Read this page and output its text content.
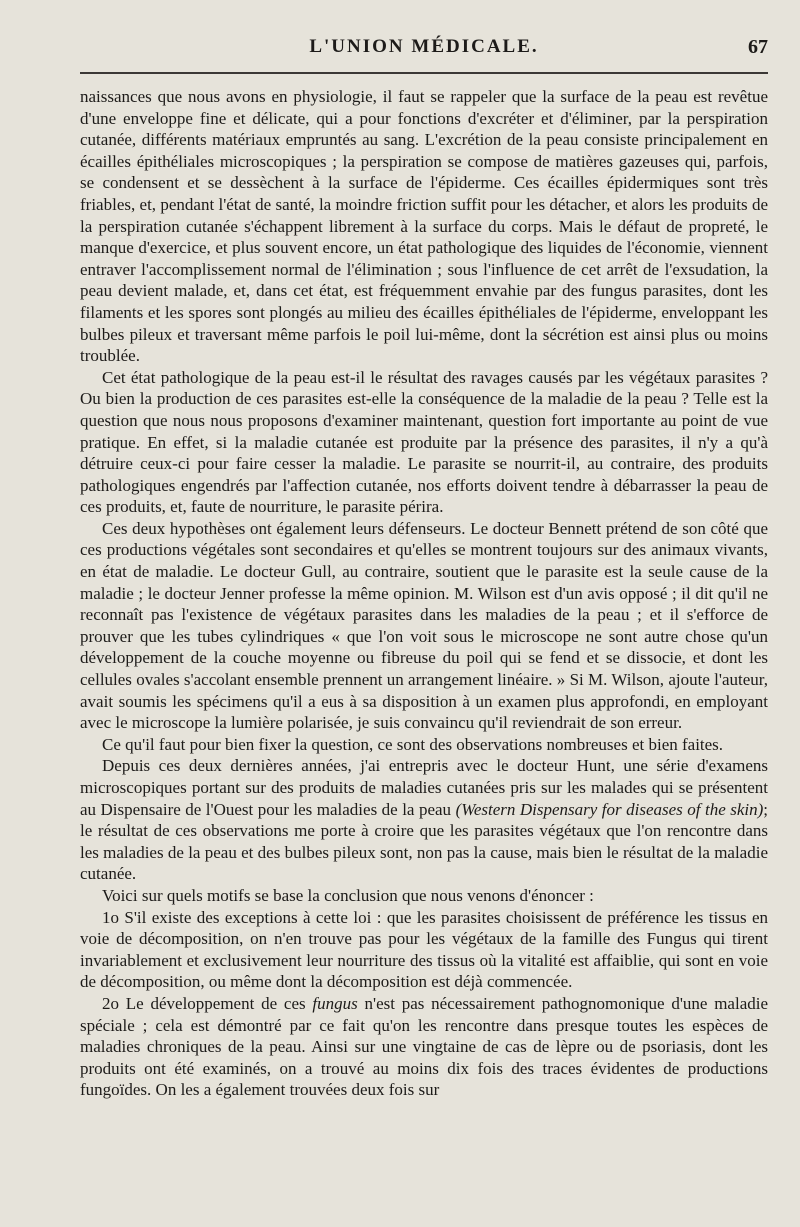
L'UNION MÉDICALE.	67

naissances que nous avons en physiologie, il faut se rappeler que la surface de la peau est revêtue d'une enveloppe fine et délicate, qui a pour fonctions d'excréter et d'éliminer, par la perspiration cutanée, différents matériaux empruntés au sang. L'excrétion de la peau consiste principalement en écailles épithéliales microscopiques ; la perspiration se compose de matières gazeuses qui, parfois, se condensent et se dessèchent à la surface de l'épiderme. Ces écailles épidermiques sont très friables, et, pendant l'état de santé, la moindre friction suffit pour les détacher, et alors les produits de la perspiration cutanée s'échappent librement à la surface du corps. Mais le défaut de propreté, le manque d'exercice, et plus souvent encore, un état pathologique des liquides de l'économie, viennent entraver l'accomplissement normal de l'élimination ; sous l'influence de cet arrêt de l'exsudation, la peau devient malade, et, dans cet état, est fréquemment envahie par des fungus parasites, dont les filaments et les spores sont plongés au milieu des écailles épithéliales de l'épiderme, enveloppant les bulbes pileux et traversant même parfois le poil lui-même, dont la sécrétion est ainsi plus ou moins troublée.

Cet état pathologique de la peau est-il le résultat des ravages causés par les végétaux parasites ? Ou bien la production de ces parasites est-elle la conséquence de la maladie de la peau ? Telle est la question que nous nous proposons d'examiner maintenant, question fort importante au point de vue pratique. En effet, si la maladie cutanée est produite par la présence des parasites, il n'y a qu'à détruire ceux-ci pour faire cesser la maladie. Le parasite se nourrit-il, au contraire, des produits pathologiques engendrés par l'affection cutanée, nos efforts doivent tendre à débarrasser la peau de ces produits, et, faute de nourriture, le parasite périra.

Ces deux hypothèses ont également leurs défenseurs. Le docteur Bennett prétend de son côté que ces productions végétales sont secondaires et qu'elles se montrent toujours sur des animaux vivants, en état de maladie. Le docteur Gull, au contraire, soutient que le parasite est la seule cause de la maladie ; le docteur Jenner professe la même opinion. M. Wilson est d'un avis opposé ; il dit qu'il ne reconnaît pas l'existence de végétaux parasites dans les maladies de la peau ; et il s'efforce de prouver que les tubes cylindriques « que l'on voit sous le microscope ne sont autre chose qu'un développement de la couche moyenne ou fibreuse du poil qui se fend et se dissocie, et dont les cellules ovales s'accolant ensemble prennent un arrangement linéaire. » Si M. Wilson, ajoute l'auteur, avait soumis les spécimens qu'il a eus à sa disposition à un examen plus approfondi, en employant avec le microscope la lumière polarisée, je suis convaincu qu'il reviendrait de son erreur.

Ce qu'il faut pour bien fixer la question, ce sont des observations nombreuses et bien faites.

Depuis ces deux dernières années, j'ai entrepris avec le docteur Hunt, une série d'examens microscopiques portant sur des produits de maladies cutanées pris sur les malades qui se présentent au Dispensaire de l'Ouest pour les maladies de la peau (Western Dispensary for diseases of the skin); le résultat de ces observations me porte à croire que les parasites végétaux que l'on rencontre dans les maladies de la peau et des bulbes pileux sont, non pas la cause, mais bien le résultat de la maladie cutanée.

Voici sur quels motifs se base la conclusion que nous venons d'énoncer :

1o S'il existe des exceptions à cette loi : que les parasites choisissent de préférence les tissus en voie de décomposition, on n'en trouve pas pour les végétaux de la famille des Fungus qui tirent invariablement et exclusivement leur nourriture des tissus où la vitalité est affaiblie, qui sont en voie de décomposition, ou même dont la décomposition est déjà commencée.

2o Le développement de ces fungus n'est pas nécessairement pathognomonique d'une maladie spéciale ; cela est démontré par ce fait qu'on les rencontre dans presque toutes les espèces de maladies chroniques de la peau. Ainsi sur une vingtaine de cas de lèpre ou de psoriasis, dont les produits ont été examinés, on a trouvé au moins dix fois des traces évidentes de productions fungoïdes. On les a également trouvées deux fois sur
